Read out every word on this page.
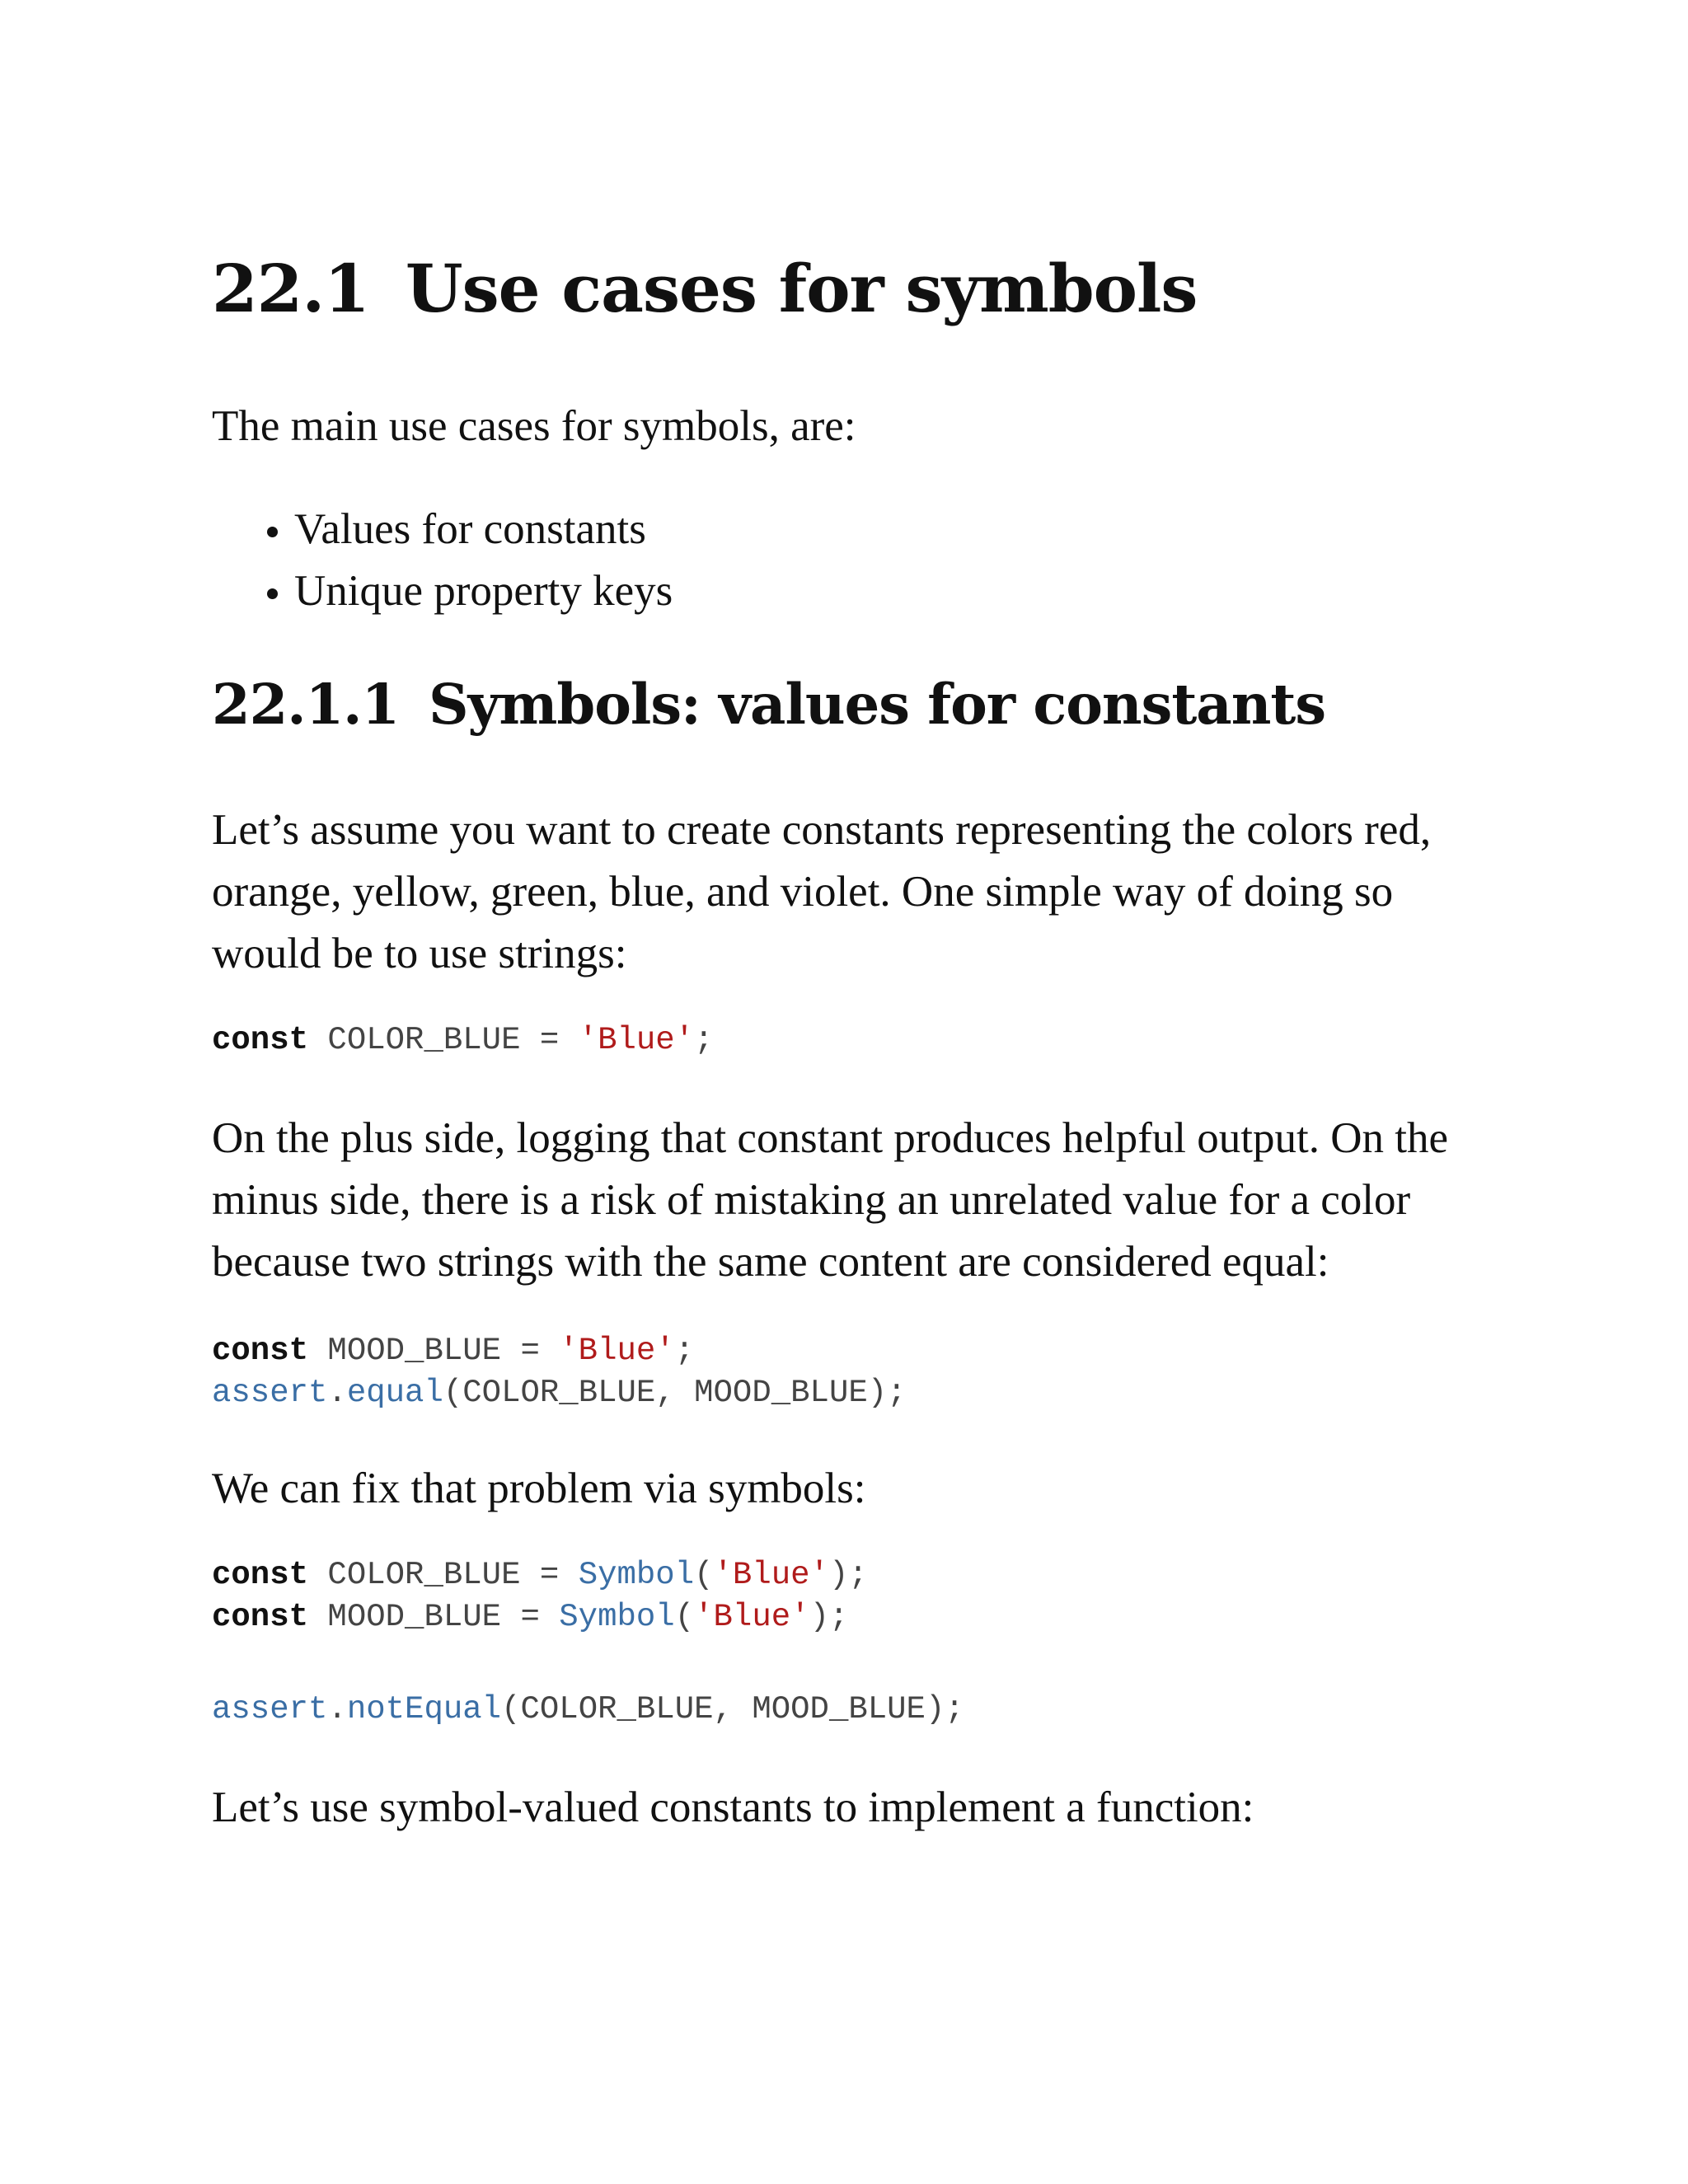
22.1 Use cases for symbols

The main use cases for symbols, are:

• Values for constants
• Unique property keys
22.1.1 Symbols: values for constants

Let’s assume you want to create constants representing the colors red, orange, yellow, green, blue, and violet. One simple way of doing so would be to use strings:

const COLOR_BLUE = 'Blue';

On the plus side, logging that constant produces helpful output. On the minus side, there is a risk of mistaking an unrelated value for a color because two strings with the same content are considered equal:

const MOOD_BLUE = 'Blue';
assert.equal(COLOR_BLUE, MOOD_BLUE);

We can fix that problem via symbols:

const COLOR_BLUE = Symbol('Blue');
const MOOD_BLUE = Symbol('Blue');
assert.notEqual(COLOR_BLUE, MOOD_BLUE);

Let’s use symbol-valued constants to implement a function:
